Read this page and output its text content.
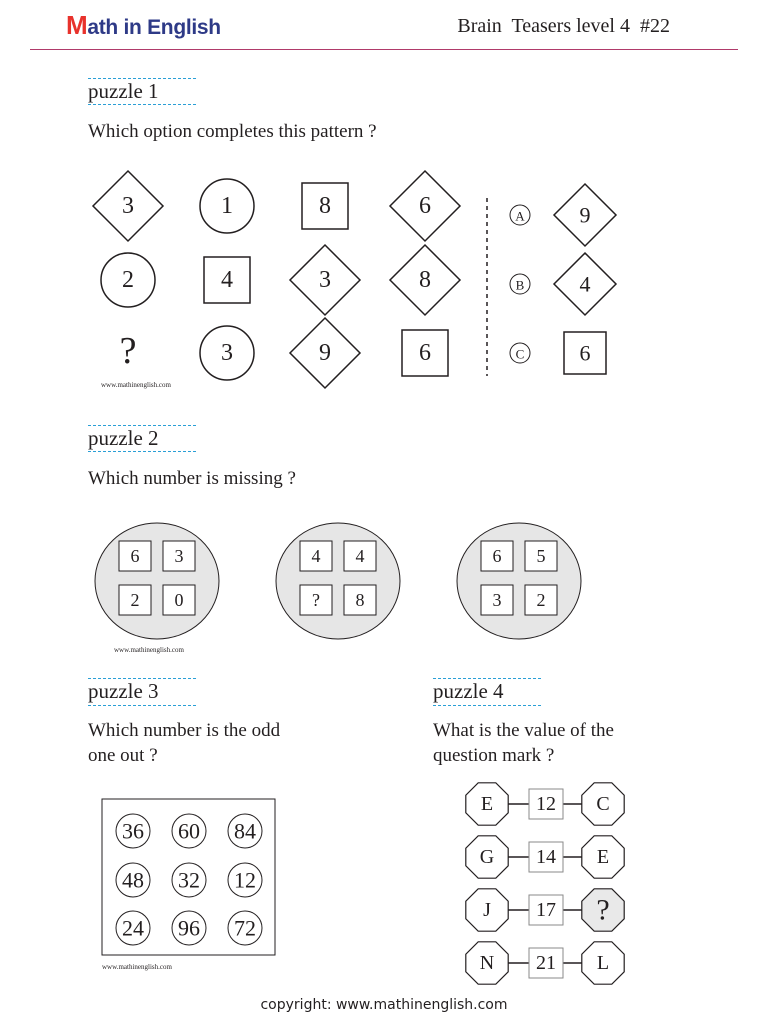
Math in English	Brain  Teasers level 4  #22
puzzle 1
Which option completes this pattern ?
3	1	8	6
2	4	3	8
?	3	9	6
A 9
B	4
C	6
www.mathinenglish.com
puzzle 2
Which number is missing ?
6 3
2 0
4 4
? 8
6 5
3 2
www.mathinenglish.com
puzzle 3
Which number is the odd
one out ?
36 60 84
48 32 12
24 96 72
www.mathinenglish.com
puzzle 4
What is the value of the
question mark ?
E 12 C
G 14 E
J 17 ?
N 21 L
copyright: www.mathinenglish.com
